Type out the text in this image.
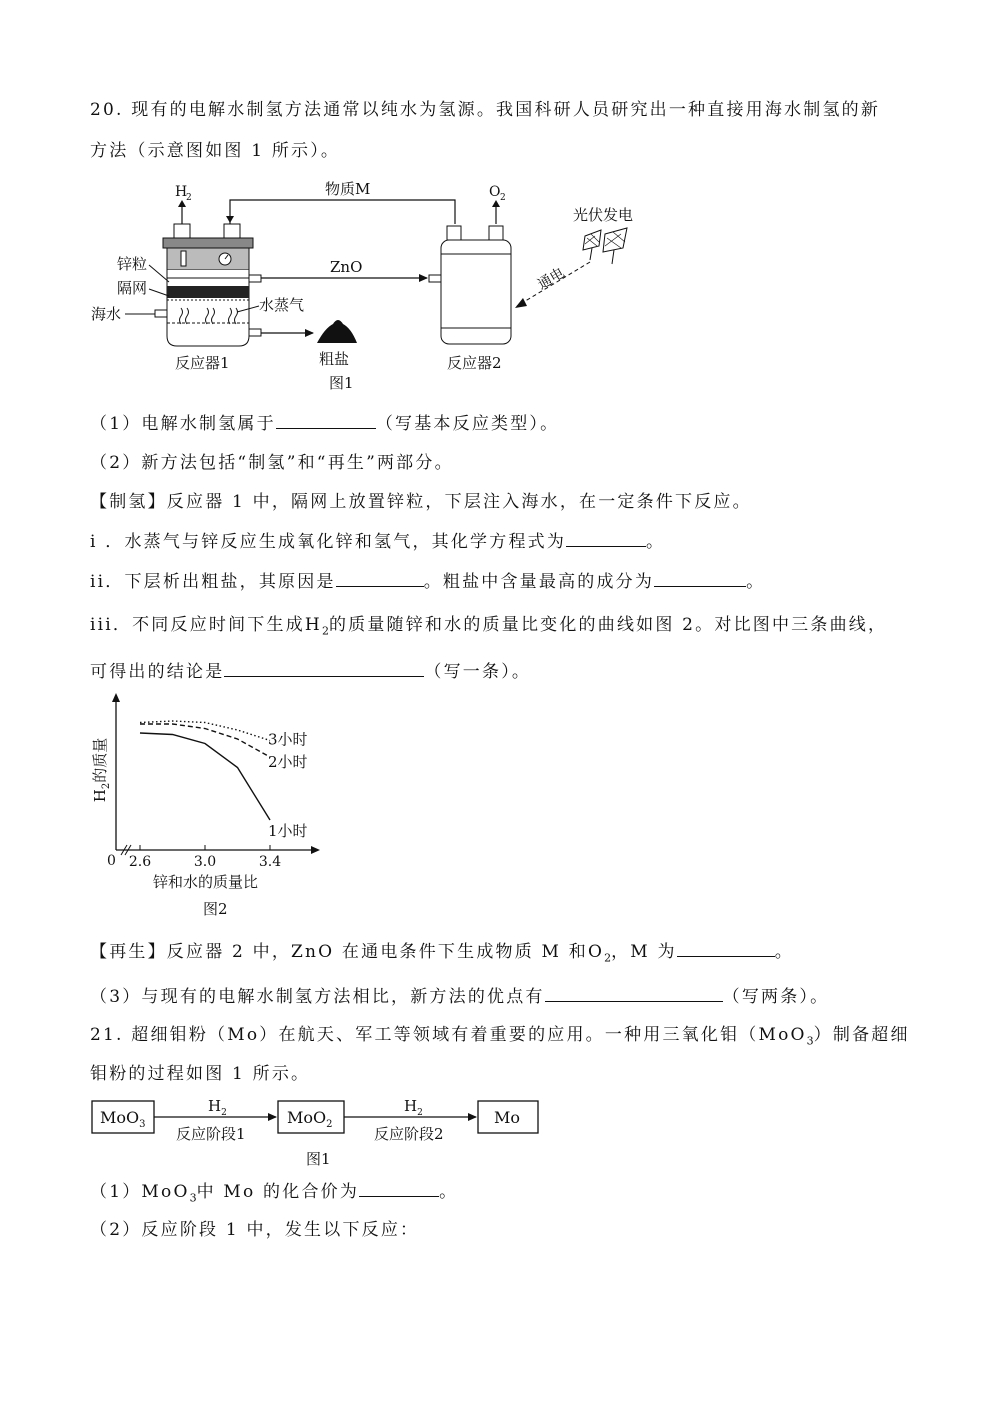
20. 现有的电解水制氢方法通常以纯水为氢源。我国科研人员研究出一种直接用海水制氢的新
方法（示意图如图 1 所示）。
H
2	物质M	O 2
锌粒
隔网
海水	水蒸气
反应器1
ZnO
粗盐
图1
反应器2
光伏发电
通电
（1）电解水制氢属于	（写基本反应类型）。
（2）新方法包括“制氢”和“再生”两部分。
【制氢】反应器 1 中，隔网上放置锌粒，下层注入海水，在一定条件下反应。
i ．水蒸气与锌反应生成氧化锌和氢气，其化学方程式为	。
ii．下层析出粗盐，其原因是	。粗盐中含量最高的成分为	。
iii．不同反应时间下生成$H_2$的质量随锌和水的质量比变化的曲线如图 2。对比图中三条曲线，
可得出的结论是	（写一条）。
$H_2$的质量
0 2.6	3.0	3.4
3小时
2小时
1小时
锌和水的质量比
图2
【再生】反应器 2 中，ZnO 在通电条件下生成物质 M 和$O_2$，M 为	。
（3）与现有的电解水制氢方法相比，新方法的优点有	（写两条）。
21. 超细钼粉（Mo）在航天、军工等领域有着重要的应用。一种用三氧化钼（MoO$_3$）制备超细
钼粉的过程如图 1 所示。
MoO$_3$
$H_2$
反应阶段1
MoO$_2$
$H_2$
反应阶段2
Mo
图1
（1）MoO$_3$中 Mo 的化合价为	。
（2）反应阶段 1 中，发生以下反应：
